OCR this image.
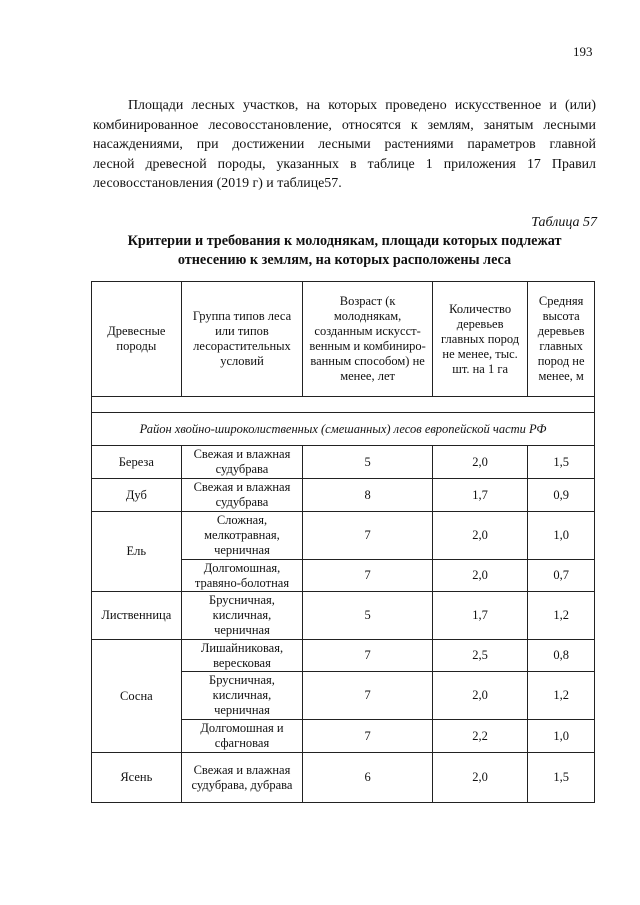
193
Площади лесных участков, на которых проведено искусственное и (или)
комбинированное лесовосстановление, относятся к землям, занятым лесными
насаждениями, при достижении лесными растениями параметров главной
лесной древесной породы, указанных в таблице 1 приложения 17 Правил
лесовосстановления (2019 г) и таблице57.
Таблица 57
Критерии и требования к молоднякам, площади которых подлежат
отнесению к землям, на которых расположены леса
Древесные породы	Группа типов леса или типов лесорастительных условий	Возраст (к молоднякам, созданным искусст-венным и комбиниро-ванным способом) не менее, лет	Количество деревьев главных пород не менее, тыс. шт. на 1 га	Средняя высота деревьев главных пород не менее, м

Район хвойно-широколиственных (смешанных) лесов европейской части РФ				
Береза	Свежая и влажная судубрава	5	2,0	1,5
Дуб	Свежая и влажная судубрава	8	1,7	0,9
Ель	Сложная, мелкотравная, черничная	7	2,0	1,0
	Долгомошная, травяно-болотная	7	2,0	0,7
Лиственница	Брусничная, кисличная, черничная	5	1,7	1,2
Сосна	Лишайниковая, вересковая	7	2,5	0,8
	Брусничная, кисличная, черничная	7	2,0	1,2
	Долгомошная и сфагновая	7	2,2	1,0
Ясень	Свежая и влажная судубрава, дубрава	6	2,0	1,5
